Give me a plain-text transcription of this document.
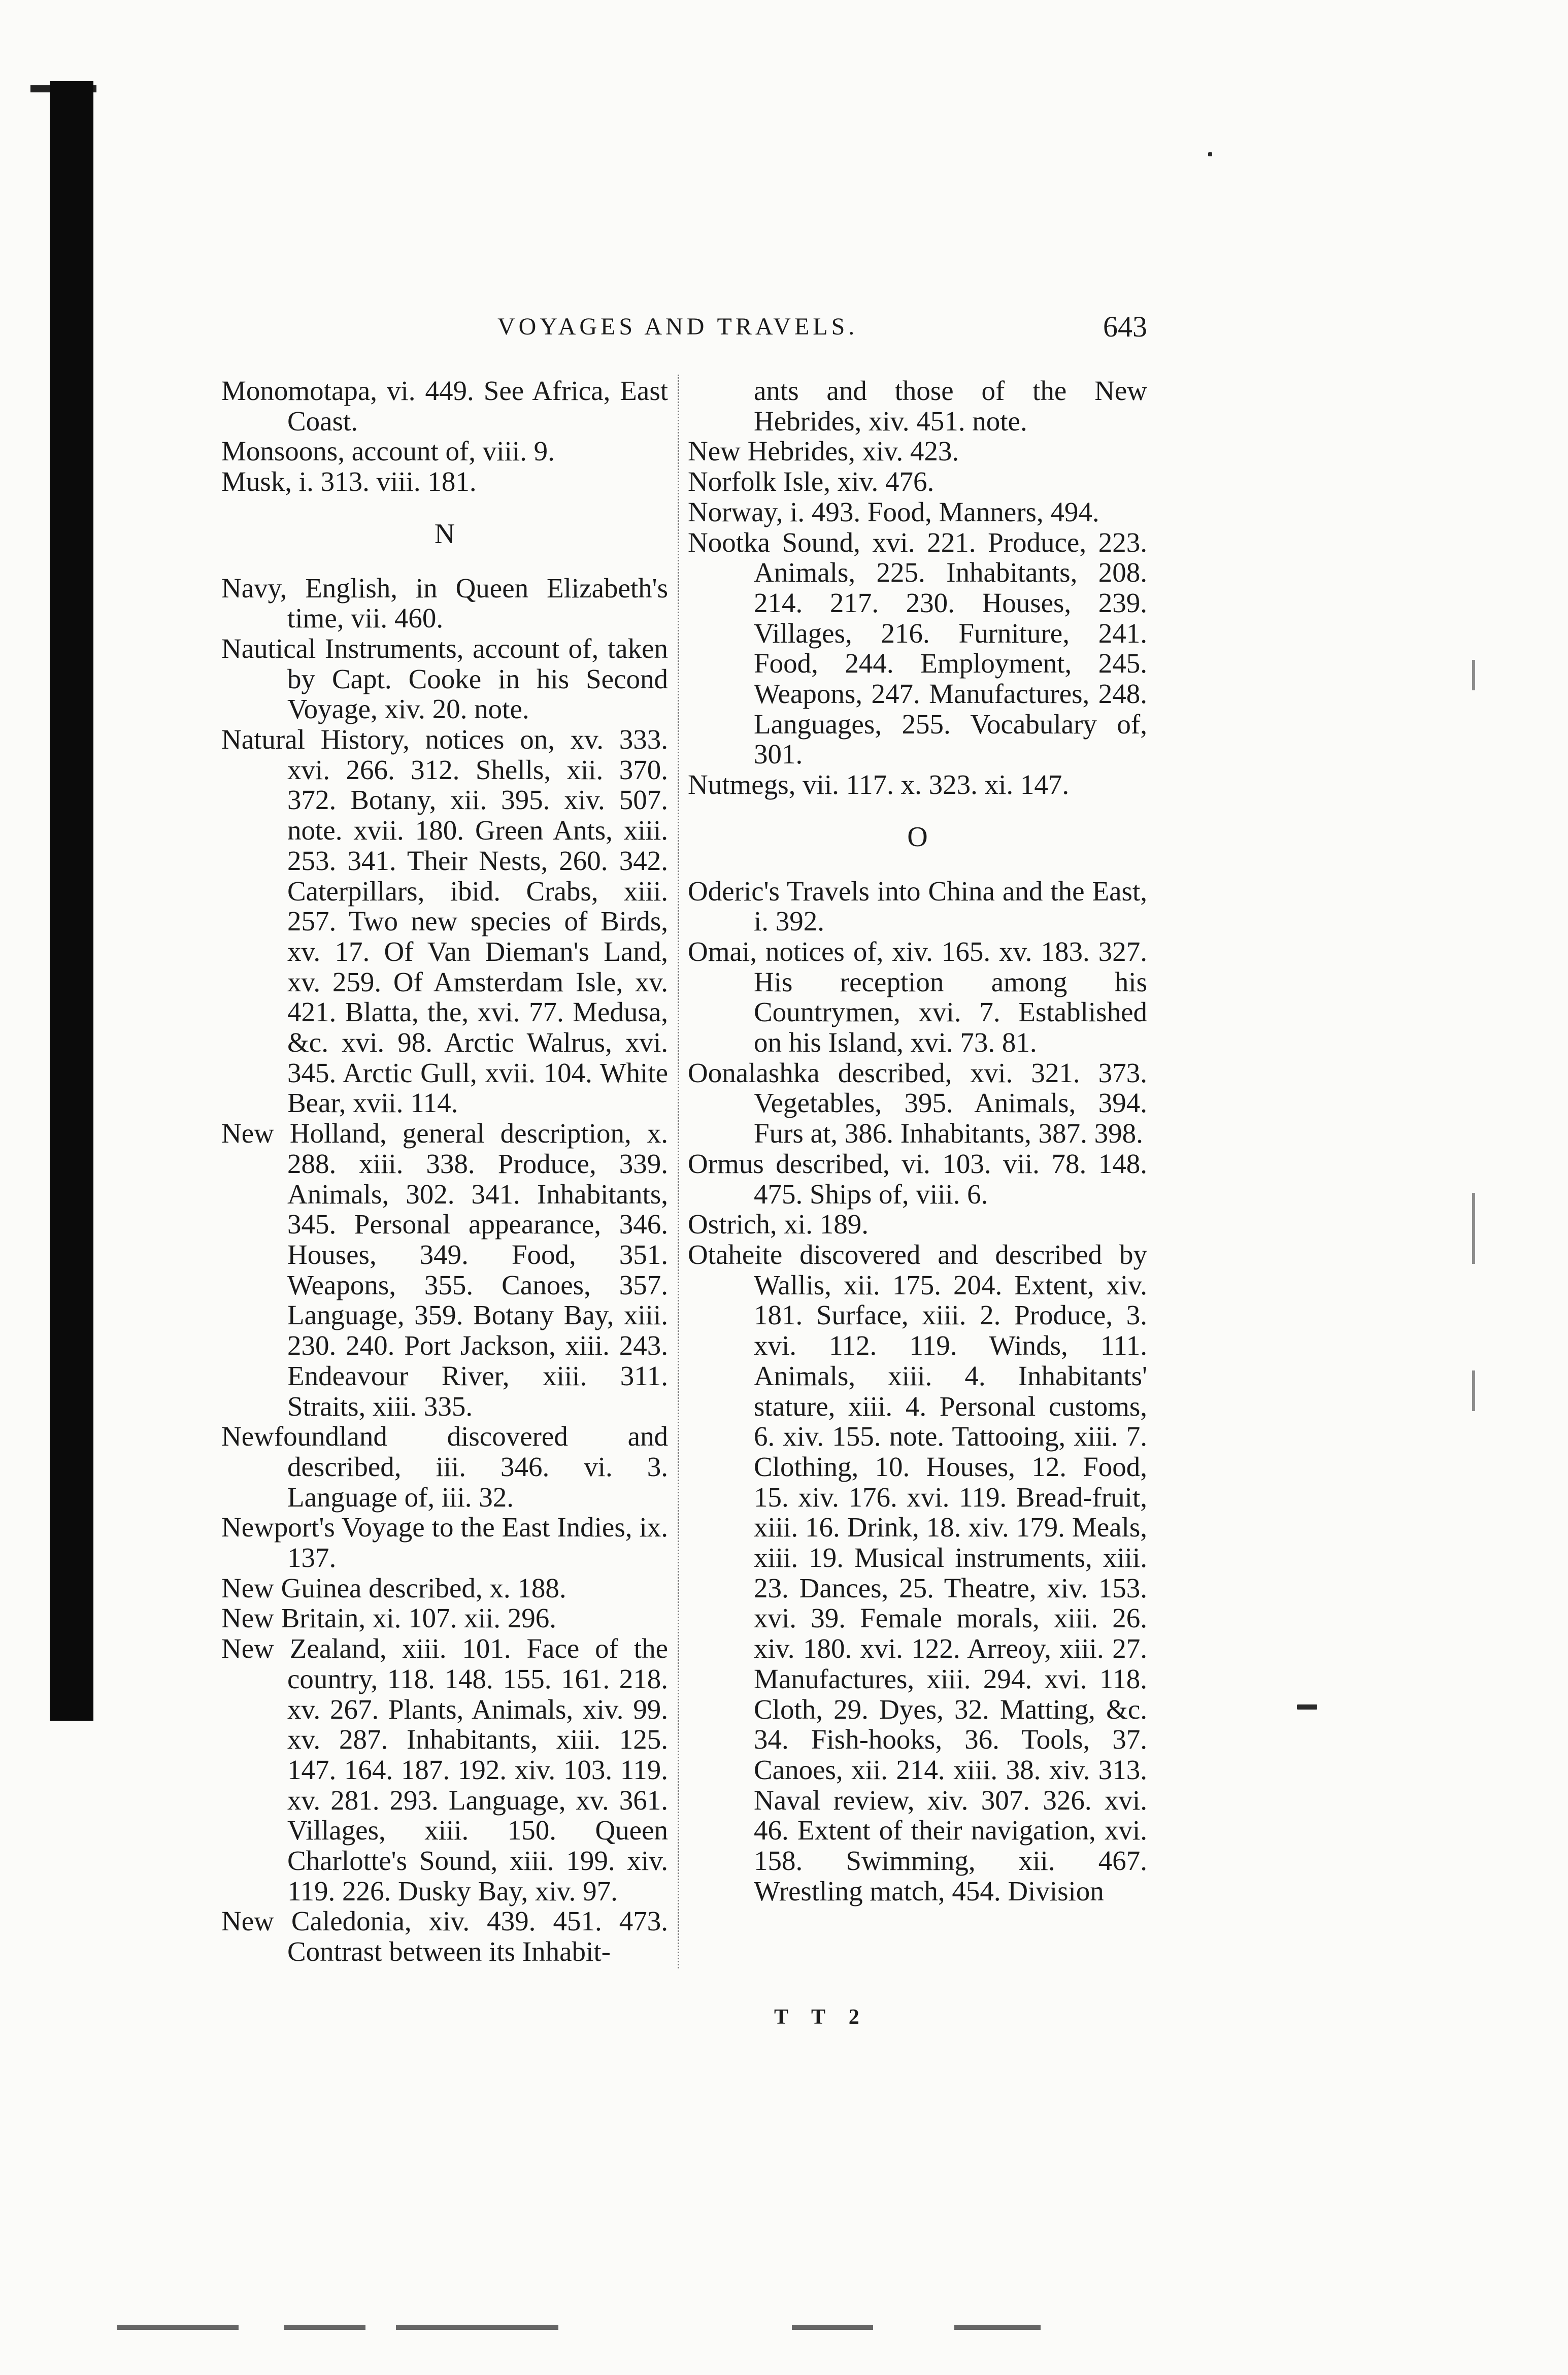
VOYAGES AND TRAVELS.	643
Monomotapa, vi. 449. See Africa, East Coast.
Monsoons, account of, viii. 9.
Musk, i. 313. viii. 181.
N
Navy, English, in Queen Elizabeth's time, vii. 460.
Nautical Instruments, account of, taken by Capt. Cooke in his Second Voyage, xiv. 20. note.
Natural History, notices on, xv. 333. xvi. 266. 312. Shells, xii. 370. 372. Botany, xii. 395. xiv. 507. note. xvii. 180. Green Ants, xiii. 253. 341. Their Nests, 260. 342. Caterpillars, ibid. Crabs, xiii. 257. Two new species of Birds, xv. 17. Of Van Dieman's Land, xv. 259. Of Amsterdam Isle, xv. 421. Blatta, the, xvi. 77. Medusa, &c. xvi. 98. Arctic Walrus, xvi. 345. Arctic Gull, xvii. 104. White Bear, xvii. 114.
New Holland, general description, x. 288. xiii. 338. Produce, 339. Animals, 302. 341. Inhabitants, 345. Personal appearance, 346. Houses, 349. Food, 351. Weapons, 355. Canoes, 357. Language, 359. Botany Bay, xiii. 230. 240. Port Jackson, xiii. 243. Endeavour River, xiii. 311. Straits, xiii. 335.
Newfoundland discovered and described, iii. 346. vi. 3. Language of, iii. 32.
Newport's Voyage to the East Indies, ix. 137.
New Guinea described, x. 188.
New Britain, xi. 107. xii. 296.
New Zealand, xiii. 101. Face of the country, 118. 148. 155. 161. 218. xv. 267. Plants, Animals, xiv. 99. xv. 287. Inhabitants, xiii. 125. 147. 164. 187. 192. xiv. 103. 119. xv. 281. 293. Language, xv. 361. Villages, xiii. 150. Queen Charlotte's Sound, xiii. 199. xiv. 119. 226. Dusky Bay, xiv. 97.
New Caledonia, xiv. 439. 451. 473. Contrast between its Inhabit-
ants and those of the New Hebrides, xiv. 451. note.
New Hebrides, xiv. 423.
Norfolk Isle, xiv. 476.
Norway, i. 493. Food, Manners, 494.
Nootka Sound, xvi. 221. Produce, 223. Animals, 225. Inhabitants, 208. 214. 217. 230. Houses, 239. Villages, 216. Furniture, 241. Food, 244. Employment, 245. Weapons, 247. Manufactures, 248. Languages, 255. Vocabulary of, 301.
Nutmegs, vii. 117. x. 323. xi. 147.
O
Oderic's Travels into China and the East, i. 392.
Omai, notices of, xiv. 165. xv. 183. 327. His reception among his Countrymen, xvi. 7. Established on his Island, xvi. 73. 81.
Oonalashka described, xvi. 321. 373. Vegetables, 395. Animals, 394. Furs at, 386. Inhabitants, 387. 398.
Ormus described, vi. 103. vii. 78. 148. 475. Ships of, viii. 6.
Ostrich, xi. 189.
Otaheite discovered and described by Wallis, xii. 175. 204. Extent, xiv. 181. Surface, xiii. 2. Produce, 3. xvi. 112. 119. Winds, 111. Animals, xiii. 4. Inhabitants' stature, xiii. 4. Personal customs, 6. xiv. 155. note. Tattooing, xiii. 7. Clothing, 10. Houses, 12. Food, 15. xiv. 176. xvi. 119. Bread-fruit, xiii. 16. Drink, 18. xiv. 179. Meals, xiii. 19. Musical instruments, xiii. 23. Dances, 25. Theatre, xiv. 153. xvi. 39. Female morals, xiii. 26. xiv. 180. xvi. 122. Arreoy, xiii. 27. Manufactures, xiii. 294. xvi. 118. Cloth, 29. Dyes, 32. Matting, &c. 34. Fish-hooks, 36. Tools, 37. Canoes, xii. 214. xiii. 38. xiv. 313. Naval review, xiv. 307. 326. xvi. 46. Extent of their navigation, xvi. 158. Swimming, xii. 467. Wrestling match, 454. Division
T T 2
